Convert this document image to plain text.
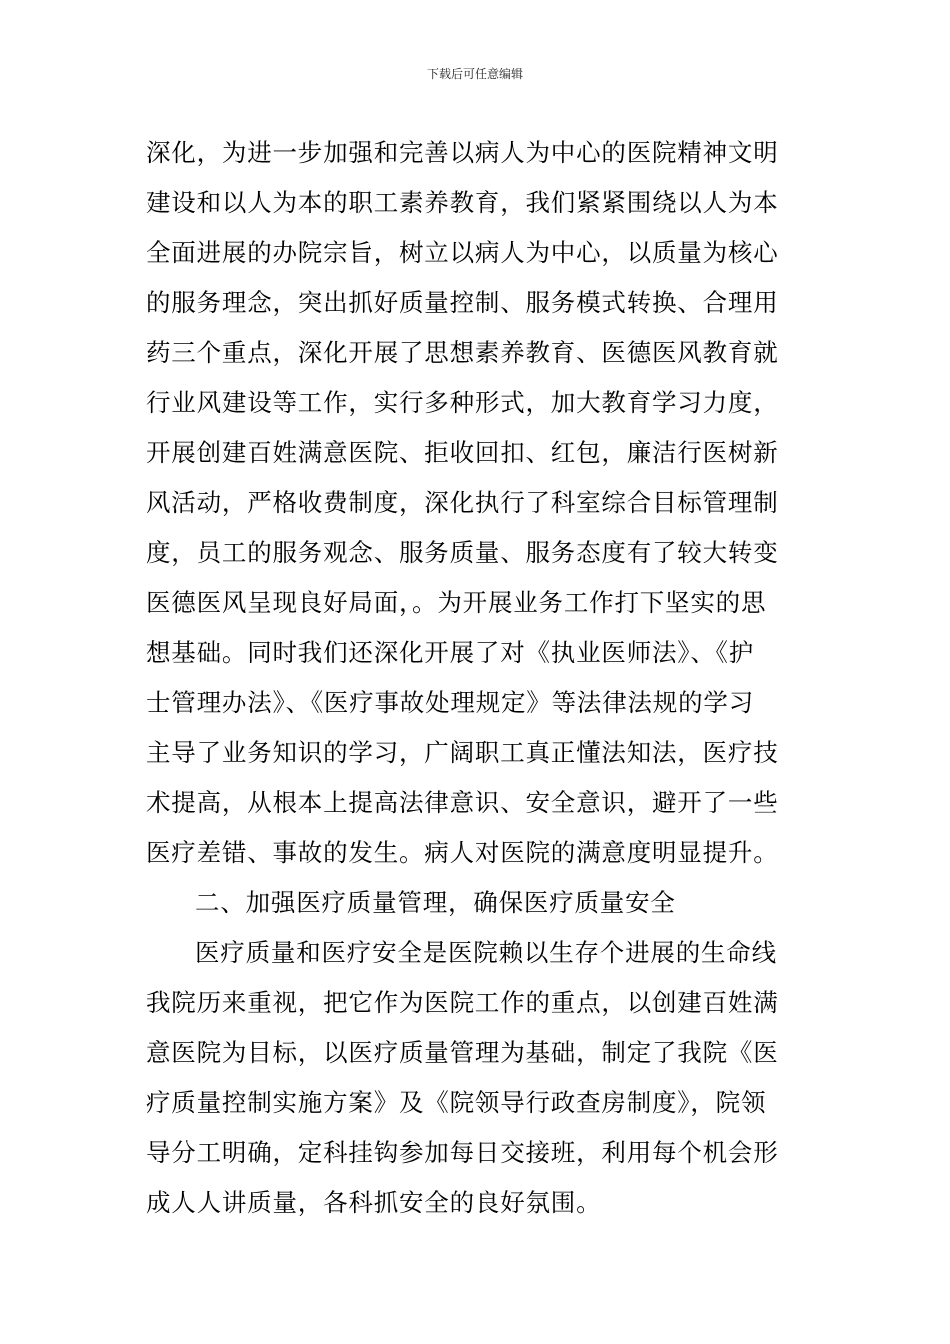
下载后可任意编辑
深化，为进一步加强和完善以病人为中心的医院精神文明
建设和以人为本的职工素养教育，我们紧紧围绕以人为本
全面进展的办院宗旨，树立以病人为中心，以质量为核心
的服务理念，突出抓好质量控制、服务模式转换、合理用
药三个重点，深化开展了思想素养教育、医德医风教育就
行业风建设等工作，实行多种形式，加大教育学习力度，
开展创建百姓满意医院、拒收回扣、红包，廉洁行医树新
风活动，严格收费制度，深化执行了科室综合目标管理制
度，员工的服务观念、服务质量、服务态度有了较大转变
医德医风呈现良好局面，。为开展业务工作打下坚实的思
想基础。同时我们还深化开展了对《执业医师法》、《护
士管理办法》、《医疗事故处理规定》等法律法规的学习
主导了业务知识的学习，广阔职工真正懂法知法，医疗技
术提高，从根本上提高法律意识、安全意识，避开了一些
医疗差错、事故的发生。病人对医院的满意度明显提升。
二、加强医疗质量管理，确保医疗质量安全
医疗质量和医疗安全是医院赖以生存个进展的生命线
我院历来重视，把它作为医院工作的重点，以创建百姓满
意医院为目标，以医疗质量管理为基础，制定了我院《医
疗质量控制实施方案》及《院领导行政查房制度》，院领
导分工明确，定科挂钩参加每日交接班，利用每个机会形
成人人讲质量，各科抓安全的良好氛围。
